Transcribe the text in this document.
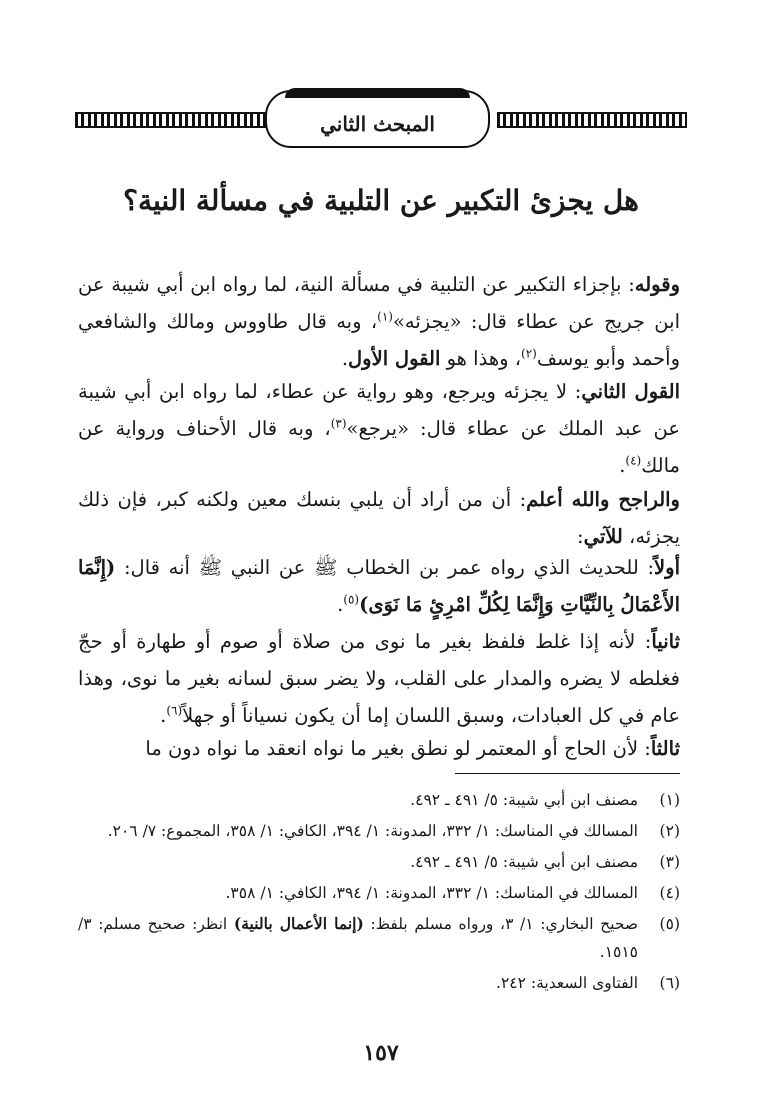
المبحث الثاني
هل يجزئ التكبير عن التلبية في مسألة النية؟
وقوله: بإجزاء التكبير عن التلبية في مسألة النية، لما رواه ابن أبي شيبة عن ابن جريج عن عطاء قال: «يجزئه»$^{(١)}$، وبه قال طاووس ومالك والشافعي وأحمد وأبو يوسف$^{(٢)}$، وهذا هو القول الأول.
القول الثاني: لا يجزئه ويرجع، وهو رواية عن عطاء، لما رواه ابن أبي شيبة عن عبد الملك عن عطاء قال: «يرجع»$^{(٣)}$، وبه قال الأحناف ورواية عن مالك$^{(٤)}$.
والراجح والله أعلم: أن من أراد أن يلبي بنسك معين ولكنه كبر، فإن ذلك يجزئه، للآتي:
أولاً: للحديث الذي رواه عمر بن الخطاب ﷺ عن النبي ﷺ أنه قال: (إِنَّمَا الأَعْمَالُ بِالنِّيَّاتِ وَإِنَّمَا لِكُلِّ امْرِئٍ مَا نَوَى)$^{(٥)}$.
ثانياً: لأنه إذا غلط فلفظ بغير ما نوى من صلاة أو صوم أو طهارة أو حجّ فغلطه لا يضره والمدار على القلب، ولا يضر سبق لسانه بغير ما نوى، وهذا عام في كل العبادات، وسبق اللسان إما أن يكون نسياناً أو جهلاً$^{(٦)}$.
ثالثاً: لأن الحاج أو المعتمر لو نطق بغير ما نواه انعقد ما نواه دون ما
(١)
مصنف ابن أبي شيبة: ٥/ ٤٩١ ـ ٤٩٢.
(٢)
المسالك في المناسك: ١/ ٣٣٢، المدونة: ١/ ٣٩٤، الكافي: ١/ ٣٥٨، المجموع: ٧/ ٢٠٦.
(٣)
مصنف ابن أبي شيبة: ٥/ ٤٩١ ـ ٤٩٢.
(٤)
المسالك في المناسك: ١/ ٣٣٢، المدونة: ١/ ٣٩٤، الكافي: ١/ ٣٥٨.
(٥)
صحيح البخاري: ١/ ٣، ورواه مسلم بلفظ: (إنما الأعمال بالنية) انظر: صحيح مسلم: ٣/ ١٥١٥.
(٦)
الفتاوى السعدية: ٢٤٢.
١٥٧
